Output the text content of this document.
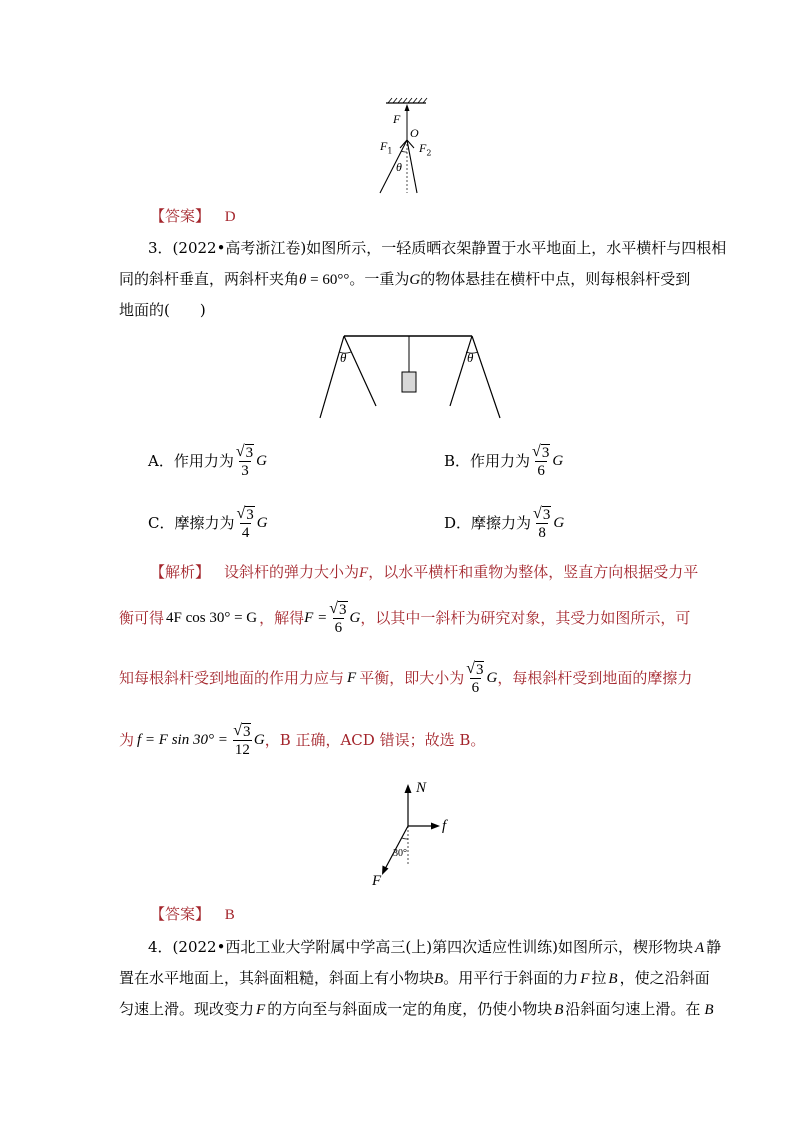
F
O
$F_1$ $F_2$
θ
【答案】 D
3．(2022•高考浙江卷)如图所示，一轻质晒衣架静置于水平地面上，水平横杆与四根相
同的斜杆垂直，两斜杆夹角θ = 60°°。一重为G的物体悬挂在横杆中点，则每根斜杆受到
地面的(　　)
θ	θ
A．作用力为 $\frac{√ 3}{3}$ G	B．作用力为 $\frac{√ 3}{6}$ G
C．摩擦力为 $\frac{√ 3}{4}$ G	D．摩擦力为 $\frac{√ 3}{8}$ G
【解析】 设斜杆的弹力大小为F，以水平横杆和重物为整体，竖直方向根据受力平
衡可得 4F cos 30° = G ，解得 $F = \frac{√ 3}{6}$ G ，以其中一斜杆为研究对象，其受力如图所示，可
知每根斜杆受到地面的作用力应与 F 平衡，即大小为 $\frac{√ 3}{6}$ G ，每根斜杆受到地面的摩擦力
为 f = F $\sin 30^\circ = \frac{√ 3}{12}$ G ，B 正确，ACD 错误；故选 B。
N
f
30°
F
【答案】 B
4．(2022•西北工业大学附属中学高三(上)第四次适应性训练)如图所示，楔形物块 A 静
置在水平地面上，其斜面粗糙，斜面上有小物块B。用平行于斜面的力 F 拉 B ，使之沿斜面
匀速上滑。现改变力 F 的方向至与斜面成一定的角度，仍使小物块 B 沿斜面匀速上滑。在 B
